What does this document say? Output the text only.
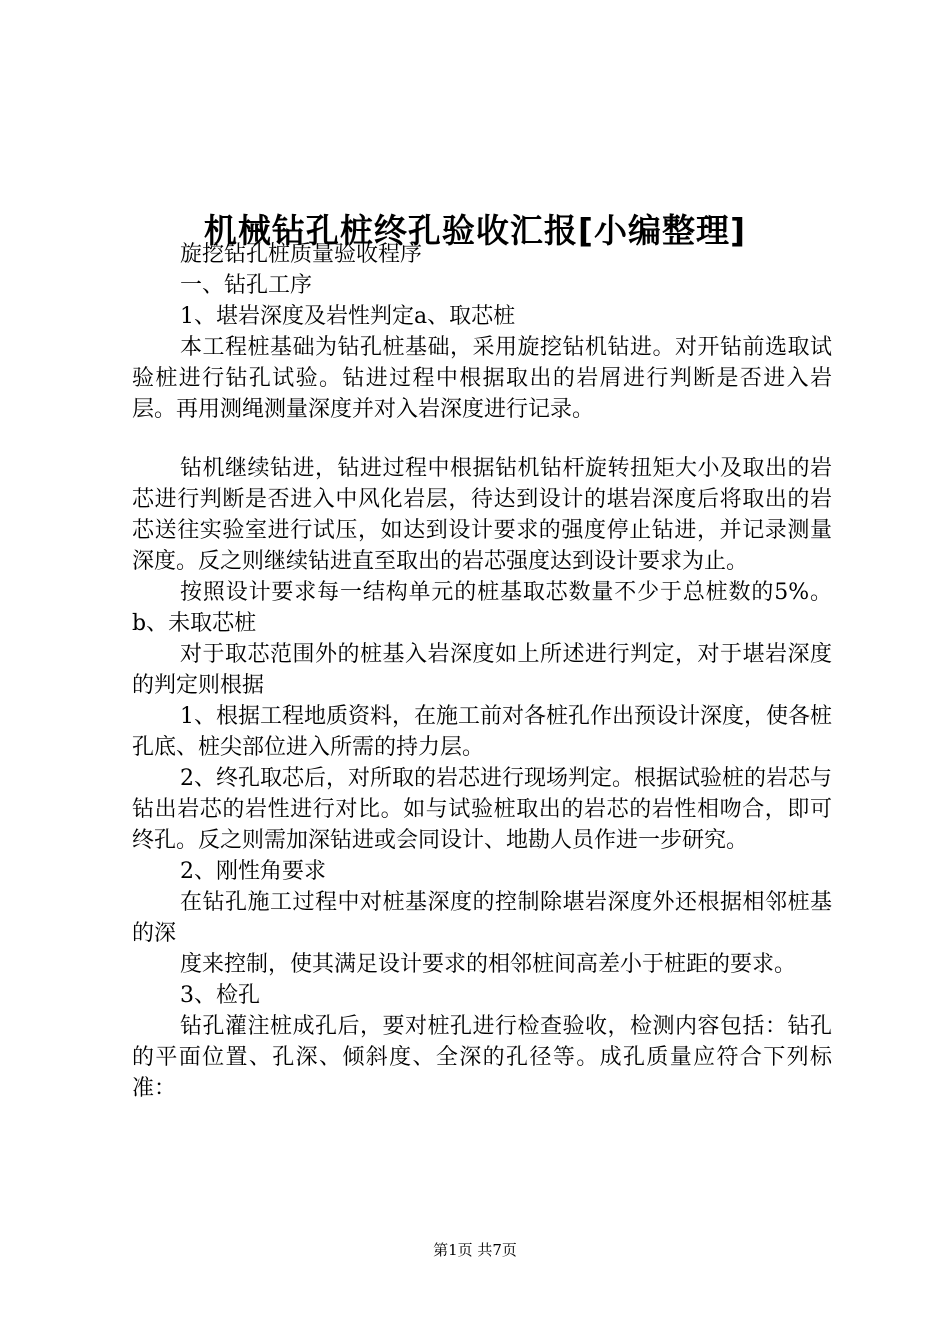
机械钻孔桩终孔验收汇报[小编整理]

旋挖钻孔桩质量验收程序

一、钻孔工序

1、堪岩深度及岩性判定a、取芯桩

本工程桩基础为钻孔桩基础，采用旋挖钻机钻进。对开钻前选取试验桩进行钻孔试验。钻进过程中根据取出的岩屑进行判断是否进入岩层。再用测绳测量深度并对入岩深度进行记录。

钻机继续钻进，钻进过程中根据钻机钻杆旋转扭矩大小及取出的岩芯进行判断是否进入中风化岩层，待达到设计的堪岩深度后将取出的岩芯送往实验室进行试压，如达到设计要求的强度停止钻进，并记录测量深度。反之则继续钻进直至取出的岩芯强度达到设计要求为止。

按照设计要求每一结构单元的桩基取芯数量不少于总桩数的5%。b、未取芯桩

对于取芯范围外的桩基入岩深度如上所述进行判定，对于堪岩深度的判定则根据

1、根据工程地质资料，在施工前对各桩孔作出预设计深度，使各桩孔底、桩尖部位进入所需的持力层。

2、终孔取芯后，对所取的岩芯进行现场判定。根据试验桩的岩芯与钻出岩芯的岩性进行对比。如与试验桩取出的岩芯的岩性相吻合，即可终孔。反之则需加深钻进或会同设计、地勘人员作进一步研究。

2、刚性角要求

在钻孔施工过程中对桩基深度的控制除堪岩深度外还根据相邻桩基的深

度来控制，使其满足设计要求的相邻桩间高差小于桩距的要求。

3、检孔

钻孔灌注桩成孔后，要对桩孔进行检查验收，检测内容包括：钻孔的平面位置、孔深、倾斜度、全深的孔径等。成孔质量应符合下列标准：

第1页 共7页
